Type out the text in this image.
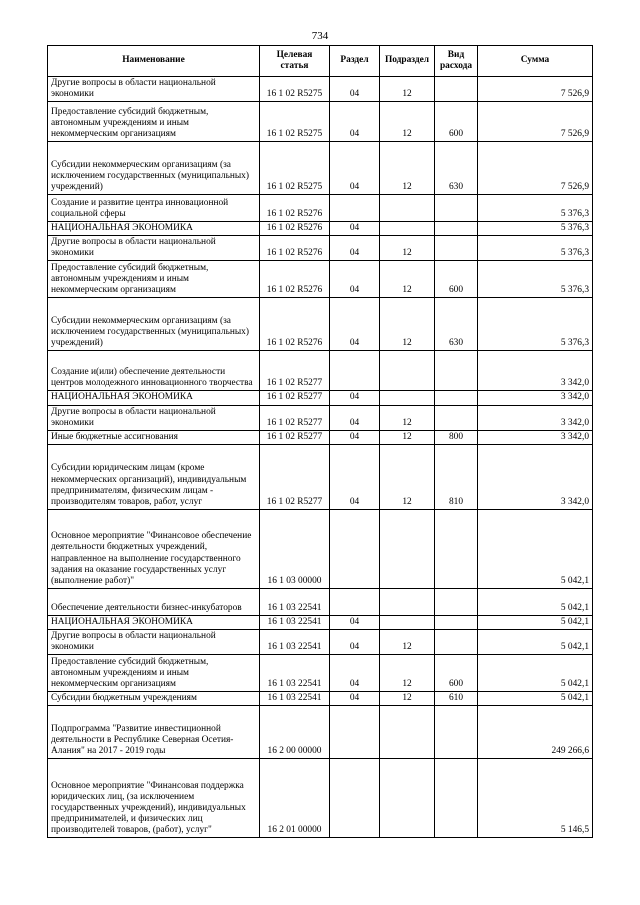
734
Наименование	Целевая статья	Раздел	Подраздел	Вид расхода	Сумма
Другие вопросы в области национальной экономики	16 1 02 R5275	04	12		7 526,9
Предоставление субсидий бюджетным, автономным учреждениям и иным некоммерческим организациям	16 1 02 R5275	04	12	600	7 526,9
Субсидии некоммерческим организациям (за исключением государственных (муниципальных) учреждений)	16 1 02 R5275	04	12	630	7 526,9
Создание и развитие центра инновационной социальной сферы	16 1 02 R5276				5 376,3
НАЦИОНАЛЬНАЯ ЭКОНОМИКА	16 1 02 R5276	04			5 376,3
Другие вопросы в области национальной экономики	16 1 02 R5276	04	12		5 376,3
Предоставление субсидий бюджетным, автономным учреждениям и иным некоммерческим организациям	16 1 02 R5276	04	12	600	5 376,3
Субсидии некоммерческим организациям (за исключением государственных (муниципальных) учреждений)	16 1 02 R5276	04	12	630	5 376,3
Создание и(или) обеспечение деятельности центров молодежного инновационного творчества	16 1 02 R5277				3 342,0
НАЦИОНАЛЬНАЯ ЭКОНОМИКА	16 1 02 R5277	04			3 342,0
Другие вопросы в области национальной экономики	16 1 02 R5277	04	12		3 342,0
Иные бюджетные ассигнования	16 1 02 R5277	04	12	800	3 342,0
Субсидии юридическим лицам (кроме некоммерческих организаций), индивидуальным предпринимателям, физическим лицам - производителям товаров, работ, услуг	16 1 02 R5277	04	12	810	3 342,0
Основное мероприятие "Финансовое обеспечение деятельности бюджетных учреждений, направленное на выполнение государственного задания на оказание государственных услуг (выполнение работ)"	16 1 03 00000				5 042,1
Обеспечение деятельности бизнес-инкубаторов	16 1 03 22541				5 042,1
НАЦИОНАЛЬНАЯ ЭКОНОМИКА	16 1 03 22541	04			5 042,1
Другие вопросы в области национальной экономики	16 1 03 22541	04	12		5 042,1
Предоставление субсидий бюджетным, автономным учреждениям и иным некоммерческим организациям	16 1 03 22541	04	12	600	5 042,1
Субсидии бюджетным учреждениям	16 1 03 22541	04	12	610	5 042,1
Подпрограмма "Развитие инвестиционной деятельности в Республике Северная Осетия-Алания" на 2017 - 2019 годы	16 2 00 00000				249 266,6
Основное мероприятие "Финансовая поддержка юридических лиц, (за исключением государственных учреждений), индивидуальных предпринимателей, и физических лиц производителей товаров, (работ), услуг"	16 2 01 00000				5 146,5
